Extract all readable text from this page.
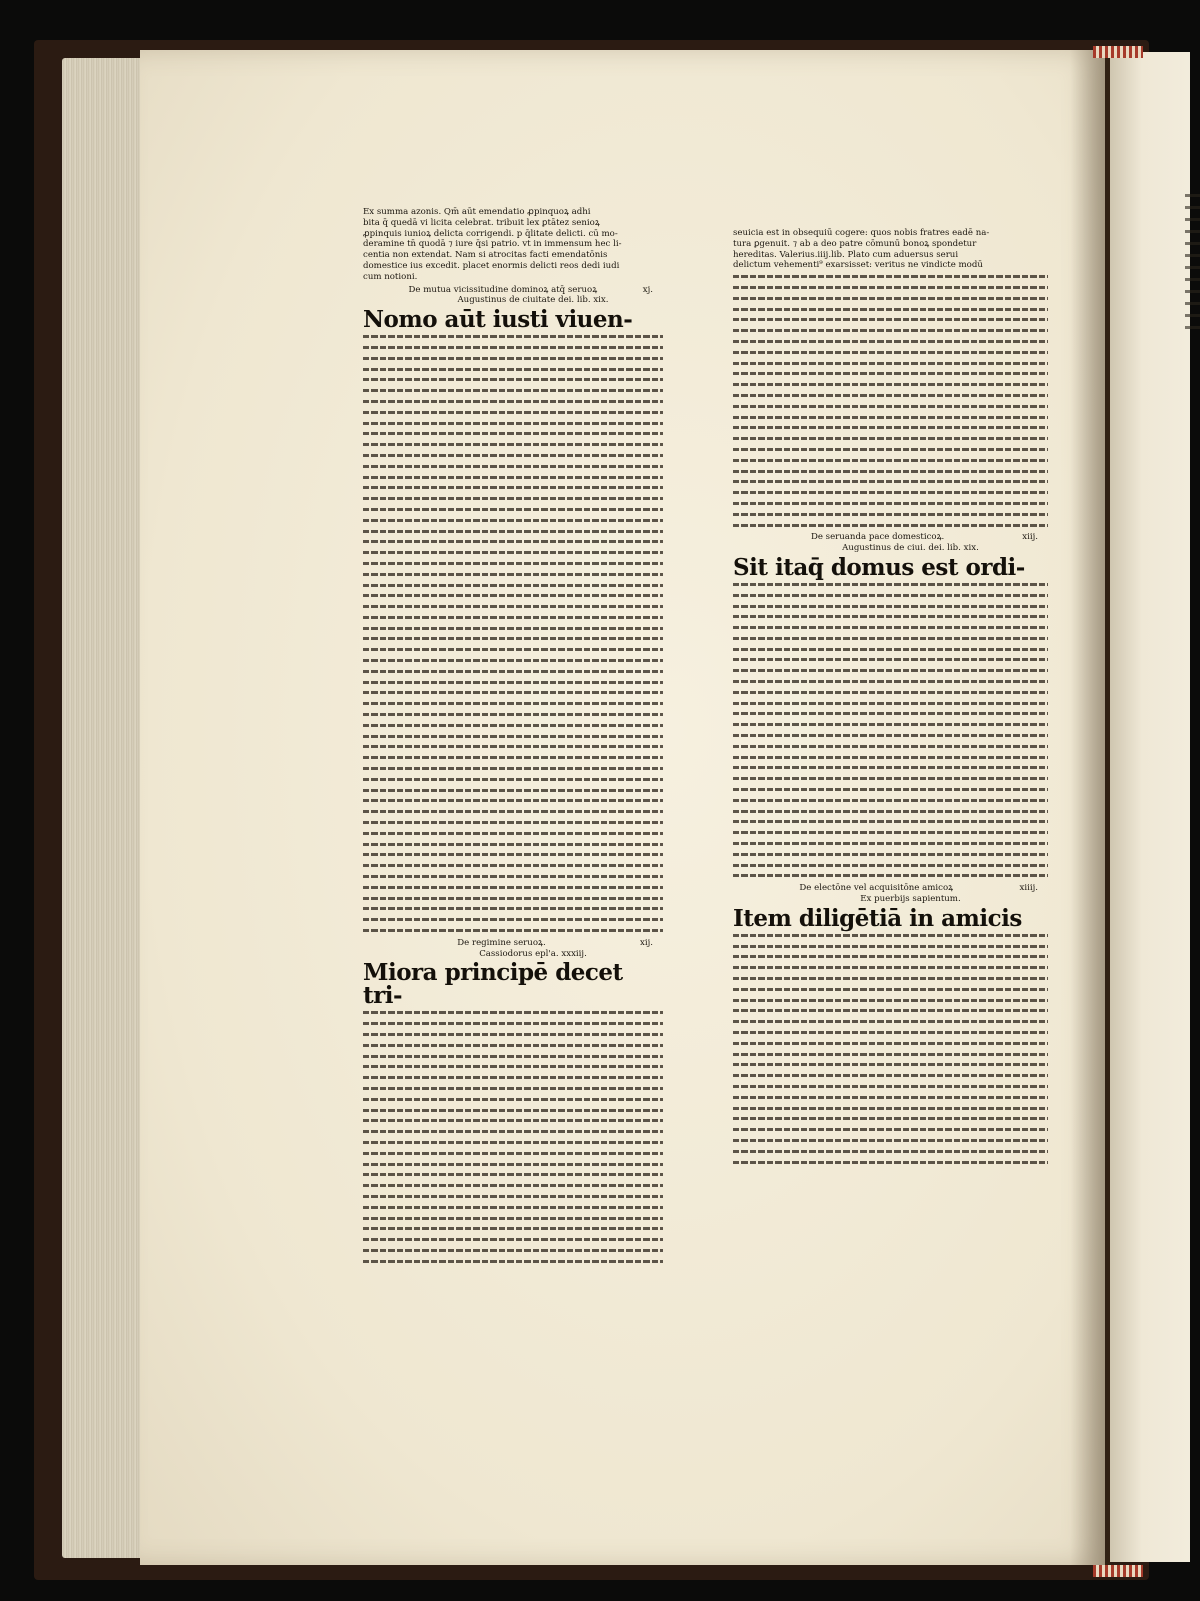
Ex summa azonis. Qm̄ aūt emendatio ꝓpinquoꝝ adhi
bita q̄ quedā vi licita celebrat̄. tribuit lex ꝑtātez senioꝝ
ꝓpinquis iunioꝝ delicta corrigendi. p q̄litate delicti. cū mo-
deramine tn̄ quodā ⁊ iure q̄si patrio. vt in immensum hec li-
centia non extendat̄. Nam si atrocitas facti emendatōnis
domestice ius excedit. placet enormis delicti reos dedi iudi
cum notioni.

De mutua vicissitudine dominoꝝ atq̄ seruoꝝ	xj.
Augustinus de ciuitate dei. lib. xix.
Nomo aūt iusti viuen-
De regimine seruoꝝ.	xij.
Cassiodorus epl'a. xxxiij.
Miora principē decet tri-

seuicia est in obsequiū cogere: quos nobis fratres eadē na-
tura ꝑgenuit. ⁊ ab a deo patre cōmunū bonoꝝ spondetur
hereditas. Valerius.iiij.lib. Plato cum aduersus serui
delictum vehementi⁹ exarsisset: veritus ne vindicte modū

De seruanda pace domesticoꝝ.	xiij.
Augustinus de ciui. dei. lib. xix.
Sit itaq̄ domus est ordi-
De electōne vel acquisitōne amicoꝝ	xiiij.
Ex puerbijs sapientum.
Item diligētiā in amicis
